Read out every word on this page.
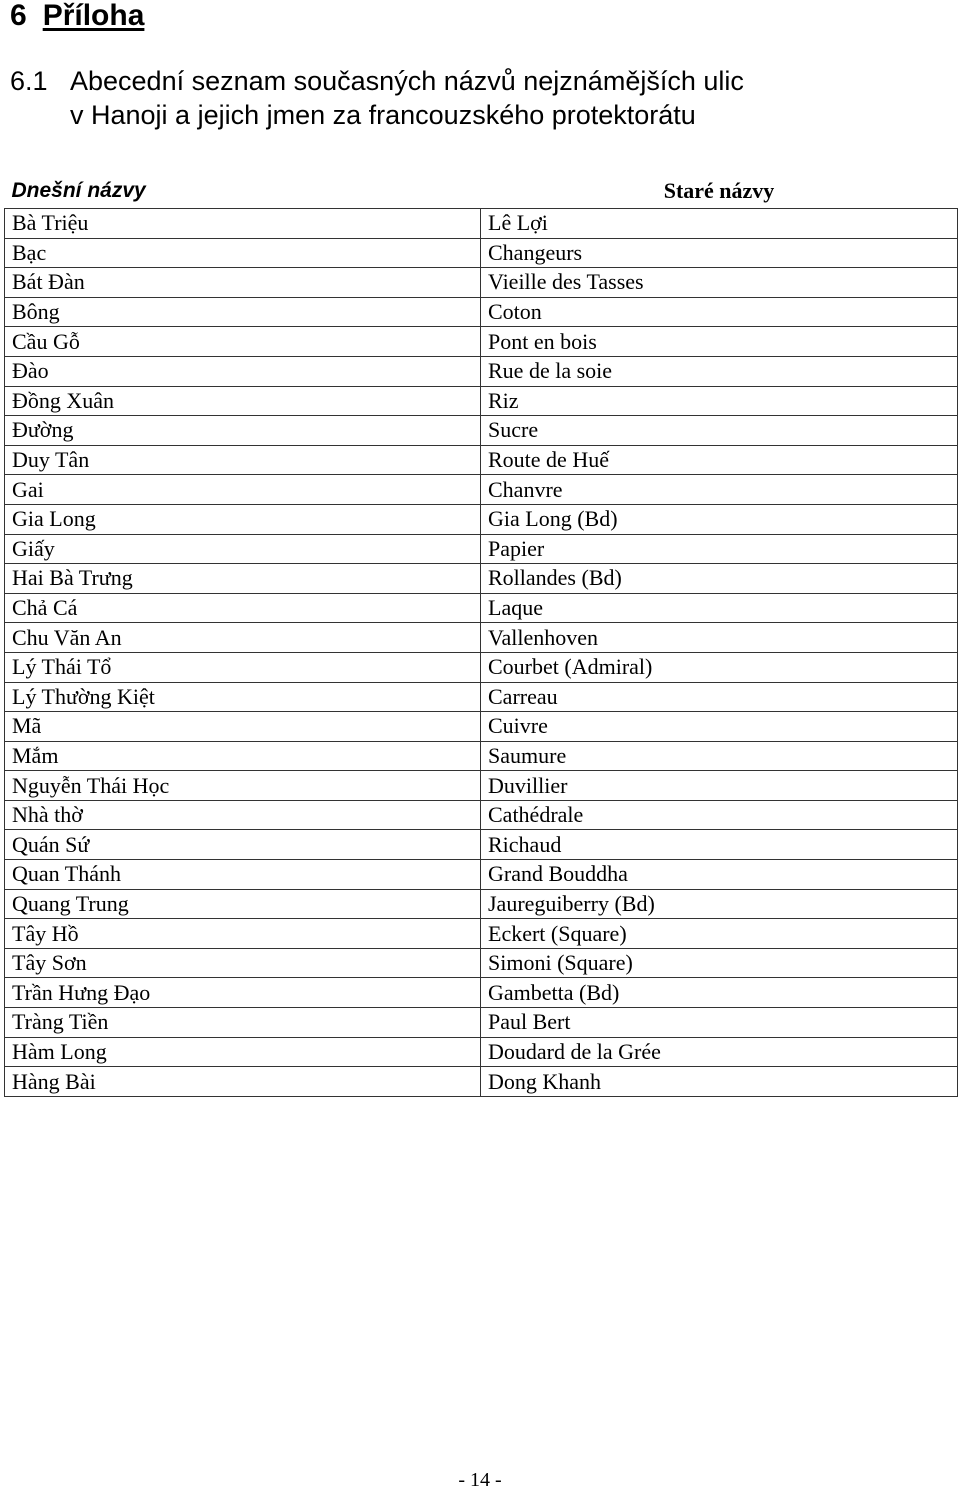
6 Příloha
6.1 Abecední seznam současných názvů nejznámějších ulic
v Hanoji a jejich jmen za francouzského protektorátu
Dnešní názvy	Staré názvy
Bà Triệu	Lê Lợi
Bạc	Changeurs
Bát Đàn	Vieille des Tasses
Bông	Coton
Cầu Gỗ	Pont en bois
Đào	Rue de la soie
Đồng Xuân	Riz
Đường	Sucre
Duy Tân	Route de Huế
Gai	Chanvre
Gia Long	Gia Long (Bd)
Giấy	Papier
Hai Bà Trưng	Rollandes (Bd)
Chả Cá	Laque
Chu Văn An	Vallenhoven
Lý Thái Tổ	Courbet (Admiral)
Lý Thường Kiệt	Carreau
Mã	Cuivre
Mắm	Saumure
Nguyễn Thái Học	Duvillier
Nhà thờ	Cathédrale
Quán Sứ	Richaud
Quan Thánh	Grand Bouddha
Quang Trung	Jaureguiberry (Bd)
Tây Hồ	Eckert (Square)
Tây Sơn	Simoni (Square)
Trần Hưng Đạo	Gambetta (Bd)
Tràng Tiền	Paul Bert
Hàm Long	Doudard de la Grée
Hàng Bài	Dong Khanh
- 14 -
